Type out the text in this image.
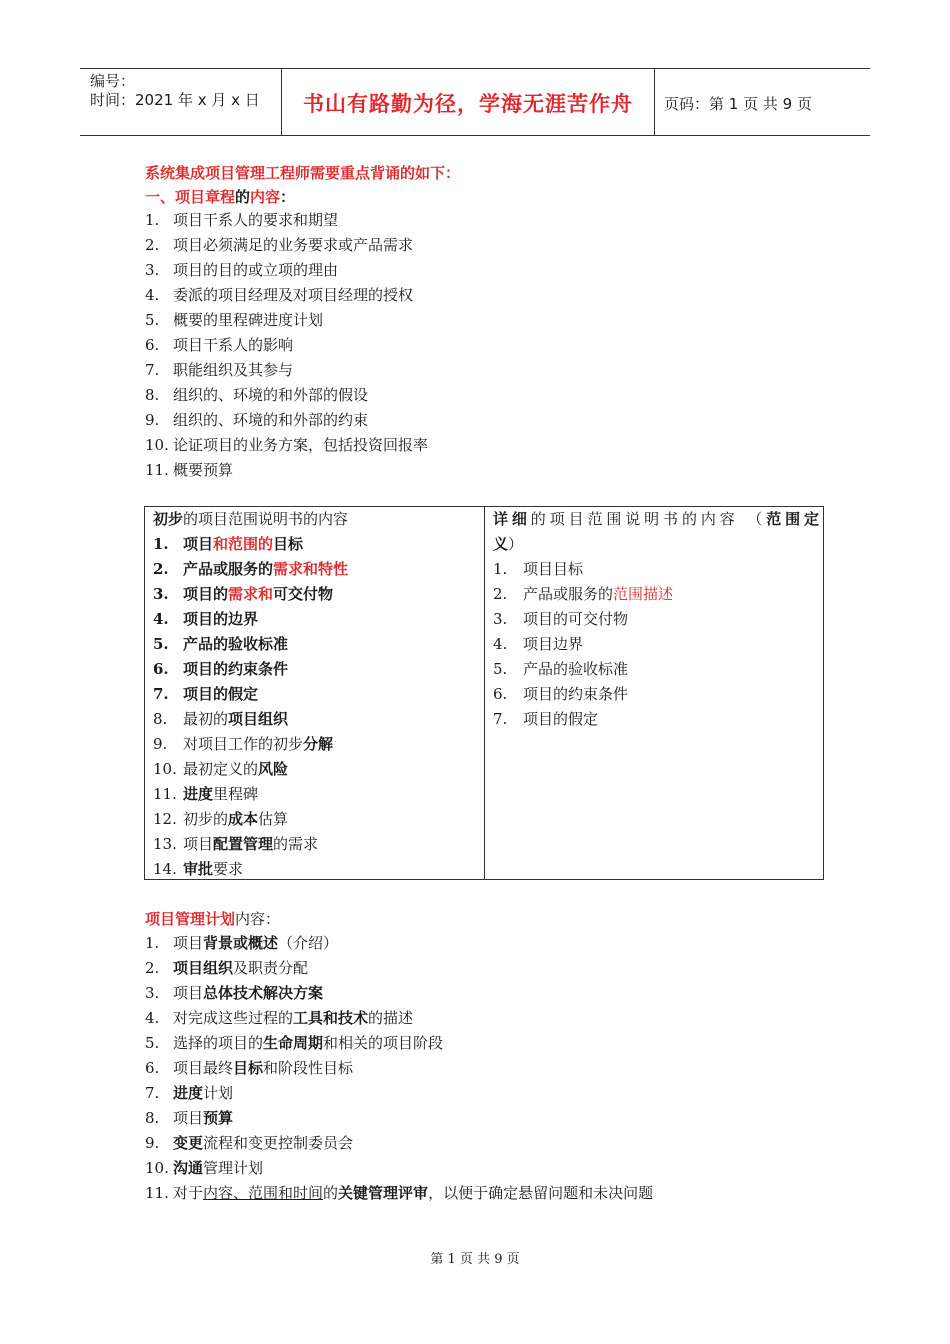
编号：
时间：2021 年 x 月 x 日	书山有路勤为径，学海无涯苦作舟	页码：第 1 页 共 9 页
系统集成项目管理工程师需要重点背诵的如下：
一、项目章程的内容：
1. 项目干系人的要求和期望
2. 项目必须满足的业务要求或产品需求
3. 项目的目的或立项的理由
4. 委派的项目经理及对项目经理的授权
5. 概要的里程碑进度计划
6. 项目干系人的影响
7. 职能组织及其参与
8. 组织的、环境的和外部的假设
9. 组织的、环境的和外部的约束
10. 论证项目的业务方案，包括投资回报率
11. 概要预算
初步的项目范围说明书的内容
1. 项目和范围的目标
2. 产品或服务的需求和特性
3. 项目的需求和可交付物
4. 项目的边界
5. 产品的验收标准
6. 项目的约束条件
7. 项目的假定
8. 最初的项目组织
9. 对项目工作的初步分解
10. 最初定义的风险
11. 进度里程碑
12. 初步的成本估算
13. 项目配置管理的需求
14. 审批要求
详细的项目范围说明书的内容 （范围定
义）
1. 项目目标
2. 产品或服务的范围描述
3. 项目的可交付物
4. 项目边界
5. 产品的验收标准
6. 项目的约束条件
7. 项目的假定
项目管理计划内容：
1. 项目背景或概述（介绍）
2. 项目组织及职责分配
3. 项目总体技术解决方案
4. 对完成这些过程的工具和技术的描述
5. 选择的项目的生命周期和相关的项目阶段
6. 项目最终目标和阶段性目标
7. 进度计划
8. 项目预算
9. 变更流程和变更控制委员会
10. 沟通管理计划
11. 对于内容、范围和时间的关键管理评审，以便于确定悬留问题和未决问题
第 1 页 共 9 页
